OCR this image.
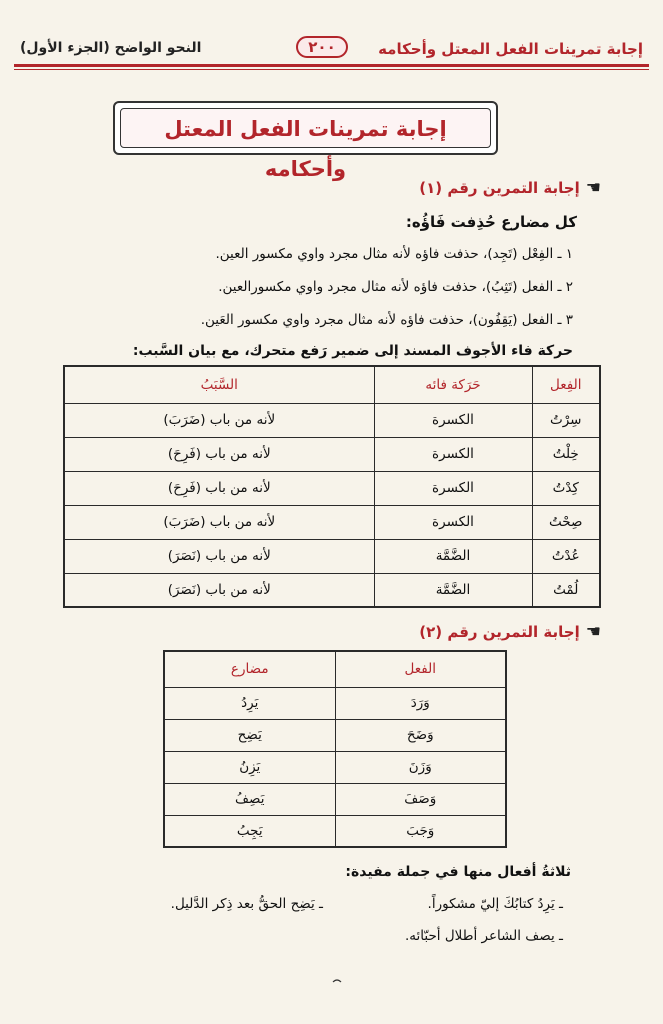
إجابة تمرينات الفعل المعتل وأحكامه
٢٠٠
النحو الواضح (الجزء الأول)
إجابة تمرينات الفعل المعتل وأحكامه
☚
إجابة التمرين رقم (١)
كل مضارع حُذِفت فَاؤُه:
١ ـ الفِعْل (تَجِد)، حذفت فاؤه لأنه مثال مجرد واوي مكسور العين.
٢ ـ الفعل (تَثِبُ)، حذفت فاؤه لأنه مثال مجرد واوي مكسورالعين.
٣ ـ الفعل (يَقِفُون)، حذفت فاؤه لأنه مثال مجرد واوي مكسور العَين.
حركة فاء الأجوف المسند إلى ضمير رَفع متحرك، مع بيان السَّبب:
الفِعل	حَرَكة فائه	السَّبَبُ
سِرْتُ	الكسرة	لأنه من باب (ضَرَبَ)
خِلْتُ	الكسرة	لأنه من باب (فَرِحَ)
كِدْتُ	الكسرة	لأنه من باب (فَرِحَ)
صِحْتُ	الكسرة	لأنه من باب (ضَرَبَ)
عُدْتُ	الضَّمَّة	لأنه من باب (نَصَرَ)
لُمْتُ	الضَّمَّة	لأنه من باب (نَصَرَ)
☚
إجابة التمرين رقم (٢)
الفعل	مضارع
وَرَدَ	يَرِدُ
وَضَحَ	يَضِح
وَزَنَ	يَزِنُ
وَصَفَ	يَصِفُ
وَجَبَ	يَجِبُ
ثلاثةُ أفعال منها في جملة مفيدة:
ـ يَرِدُ كتابُكَ إليّ مشكوراً.
ـ يَضِح الحقُّ بعد ذِكر الدَّليل.
ـ يصف الشاعر أطلال أحبّائه.
